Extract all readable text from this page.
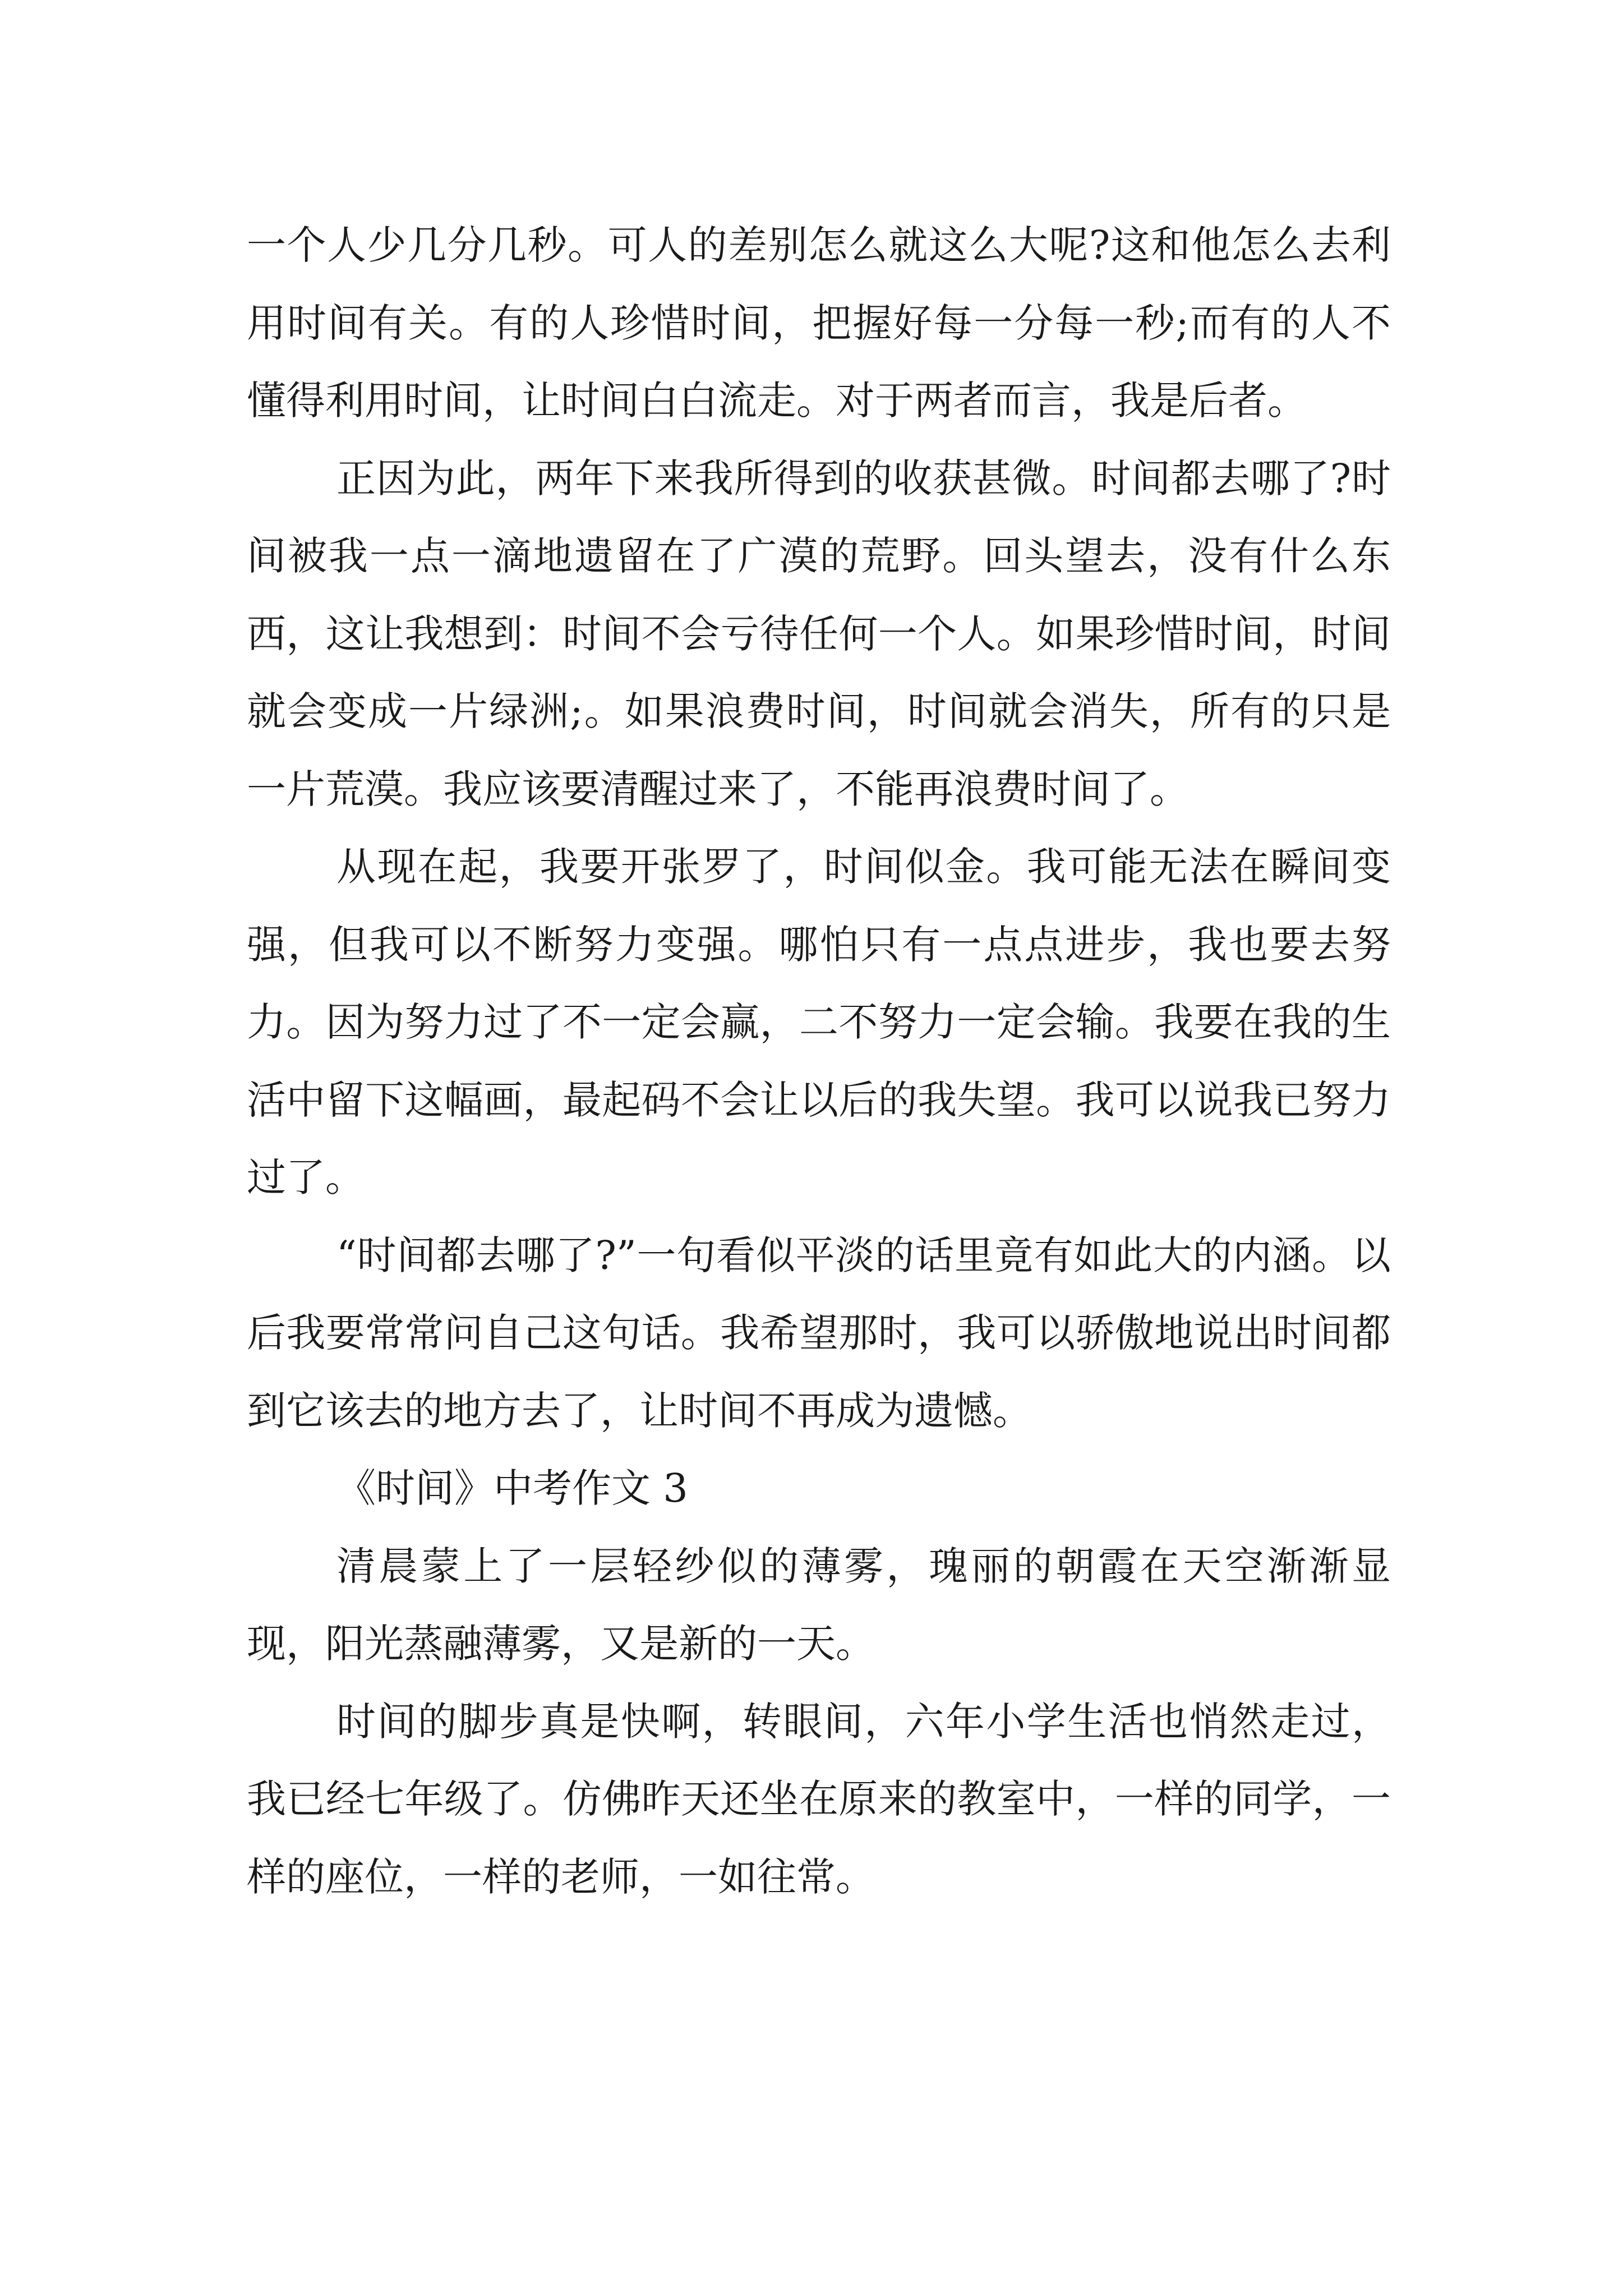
一个人少几分几秒。可人的差别怎么就这么大呢?这和他怎么去利用时间有关。有的人珍惜时间，把握好每一分每一秒;而有的人不懂得利用时间，让时间白白流走。对于两者而言，我是后者。

正因为此，两年下来我所得到的收获甚微。时间都去哪了?时间被我一点一滴地遗留在了广漠的荒野。回头望去，没有什么东西，这让我想到：时间不会亏待任何一个人。如果珍惜时间，时间就会变成一片绿洲;。如果浪费时间，时间就会消失，所有的只是一片荒漠。我应该要清醒过来了，不能再浪费时间了。

从现在起，我要开张罗了，时间似金。我可能无法在瞬间变强，但我可以不断努力变强。哪怕只有一点点进步，我也要去努力。因为努力过了不一定会赢，二不努力一定会输。我要在我的生活中留下这幅画，最起码不会让以后的我失望。我可以说我已努力过了。

“时间都去哪了?”一句看似平淡的话里竟有如此大的内涵。以后我要常常问自己这句话。我希望那时，我可以骄傲地说出时间都到它该去的地方去了，让时间不再成为遗憾。

《时间》中考作文 3

清晨蒙上了一层轻纱似的薄雾，瑰丽的朝霞在天空渐渐显现，阳光蒸融薄雾，又是新的一天。

时间的脚步真是快啊，转眼间，六年小学生活也悄然走过，我已经七年级了。仿佛昨天还坐在原来的教室中，一样的同学，一样的座位，一样的老师，一如往常。
